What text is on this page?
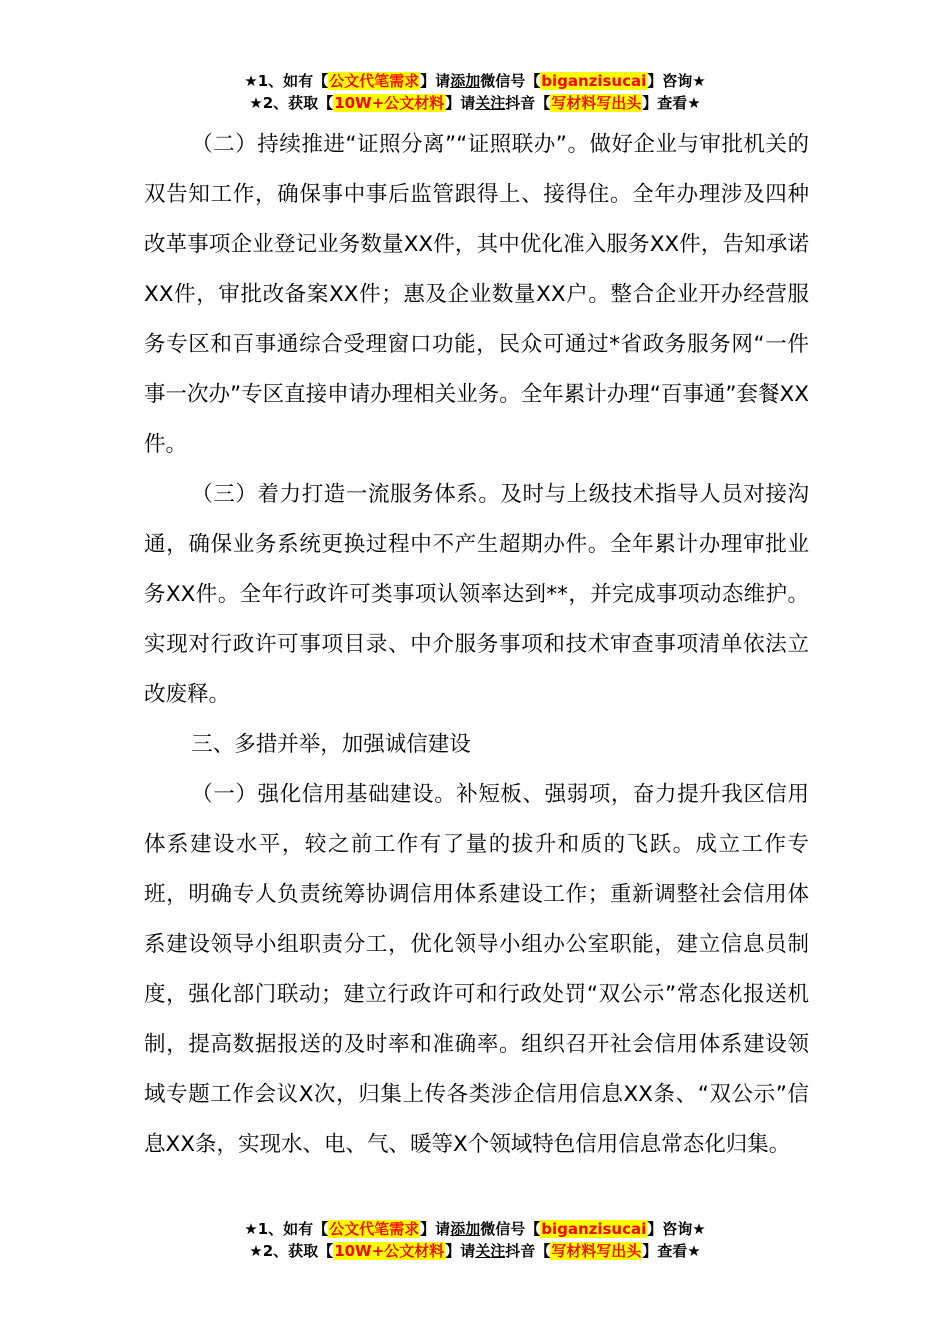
★1、如有【公文代笔需求】请添加微信号【biganzisucai】咨询★
★2、获取【10W+公文材料】请关注抖音【写材料写出头】查看★

（二）持续推进“证照分离”“证照联办”。做好企业与审批机关的双告知工作，确保事中事后监管跟得上、接得住。全年办理涉及四种改革事项企业登记业务数量XX件，其中优化准入服务XX件，告知承诺XX件，审批改备案XX件；惠及企业数量XX户。整合企业开办经营服务专区和百事通综合受理窗口功能，民众可通过*省政务服务网“一件事一次办”专区直接申请办理相关业务。全年累计办理“百事通”套餐XX件。

（三）着力打造一流服务体系。及时与上级技术指导人员对接沟通，确保业务系统更换过程中不产生超期办件。全年累计办理审批业务XX件。全年行政许可类事项认领率达到**，并完成事项动态维护。实现对行政许可事项目录、中介服务事项和技术审查事项清单依法立改废释。

三、多措并举，加强诚信建设

（一）强化信用基础建设。补短板、强弱项，奋力提升我区信用体系建设水平，较之前工作有了量的拔升和质的飞跃。成立工作专班，明确专人负责统筹协调信用体系建设工作；重新调整社会信用体系建设领导小组职责分工，优化领导小组办公室职能，建立信息员制度，强化部门联动；建立行政许可和行政处罚“双公示”常态化报送机制，提高数据报送的及时率和准确率。组织召开社会信用体系建设领域专题工作会议X次，归集上传各类涉企信用信息XX条、“双公示”信息XX条，实现水、电、气、暖等X个领域特色信用信息常态化归集。

★1、如有【公文代笔需求】请添加微信号【biganzisucai】咨询★
★2、获取【10W+公文材料】请关注抖音【写材料写出头】查看★
